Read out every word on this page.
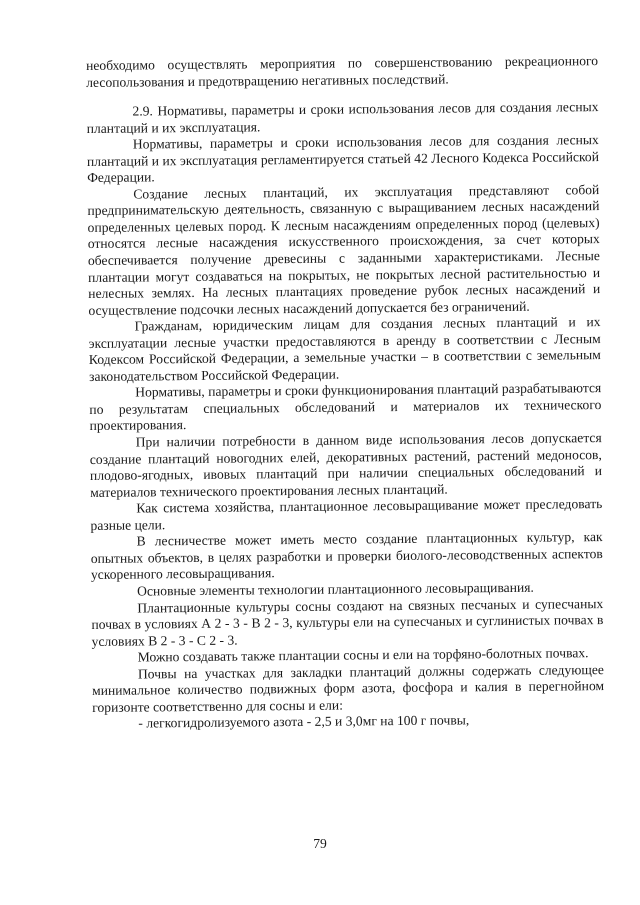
необходимо осуществлять мероприятия по совершенствованию рекреационного лесопользования и предотвращению негативных последствий.

2.9. Нормативы, параметры и сроки использования лесов для создания лесных плантаций и их эксплуатация.

Нормативы, параметры и сроки использования лесов для создания лесных плантаций и их эксплуатация регламентируется статьей 42 Лесного Кодекса Российской Федерации.

Создание лесных плантаций, их эксплуатация представляют собой предпринимательскую деятельность, связанную с выращиванием лесных насаждений определенных целевых пород. К лесным насаждениям определенных пород (целевых) относятся лесные насаждения искусственного происхождения, за счет которых обеспечивается получение древесины с заданными характеристиками. Лесные плантации могут создаваться на покрытых, не покрытых лесной растительностью и нелесных землях. На лесных плантациях проведение рубок лесных насаждений и осуществление подсочки лесных насаждений допускается без ограничений.

Гражданам, юридическим лицам для создания лесных плантаций и их эксплуатации лесные участки предоставляются в аренду в соответствии с Лесным Кодексом Российской Федерации, а земельные участки – в соответствии с земельным законодательством Российской Федерации.

Нормативы, параметры и сроки функционирования плантаций разрабатываются по результатам специальных обследований и материалов их технического проектирования.

При наличии потребности в данном виде использования лесов допускается создание плантаций новогодних елей, декоративных растений, растений медоносов, плодово-ягодных, ивовых плантаций при наличии специальных обследований и материалов технического проектирования лесных плантаций.

Как система хозяйства, плантационное лесовыращивание может преследовать разные цели.

В лесничестве может иметь место создание плантационных культур, как опытных объектов, в целях разработки и проверки биолого-лесоводственных аспектов ускоренного лесовыращивания.

Основные элементы технологии плантационного лесовыращивания.

Плантационные культуры сосны создают на связных песчаных и супесчаных почвах в условиях А 2 - 3 - В 2 - 3, культуры ели на супесчаных и суглинистых почвах в условиях В 2 - 3 - С 2 - 3.

Можно создавать также плантации сосны и ели на торфяно-болотных почвах.

Почвы на участках для закладки плантаций должны содержать следующее минимальное количество подвижных форм азота, фосфора и калия в перегнойном горизонте соответственно для сосны и ели:

- легкогидролизуемого азота - 2,5 и 3,0мг на 100 г почвы,

79
